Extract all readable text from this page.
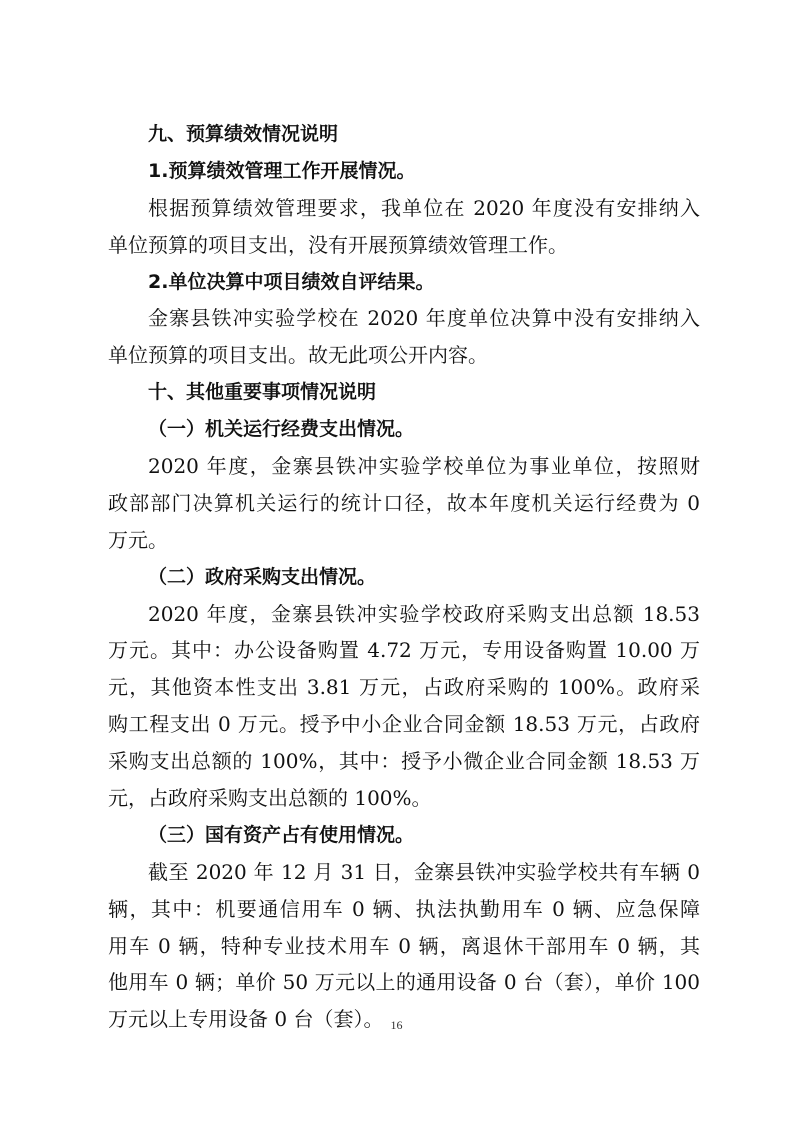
九、预算绩效情况说明
1.预算绩效管理工作开展情况。
根据预算绩效管理要求，我单位在 2020 年度没有安排纳入
单位预算的项目支出，没有开展预算绩效管理工作。
2.单位决算中项目绩效自评结果。
金寨县铁冲实验学校在 2020 年度单位决算中没有安排纳入
单位预算的项目支出。故无此项公开内容。
十、其他重要事项情况说明
（一）机关运行经费支出情况。
2020 年度，金寨县铁冲实验学校单位为事业单位，按照财
政部部门决算机关运行的统计口径，故本年度机关运行经费为 0
万元。
（二）政府采购支出情况。
2020 年度，金寨县铁冲实验学校政府采购支出总额 18.53
万元。其中：办公设备购置 4.72 万元，专用设备购置 10.00 万
元，其他资本性支出 3.81 万元，占政府采购的 100%。政府采
购工程支出 0 万元。授予中小企业合同金额 18.53 万元，占政府
采购支出总额的 100%，其中：授予小微企业合同金额 18.53 万
元，占政府采购支出总额的 100%。
（三）国有资产占有使用情况。
截至 2020 年 12 月 31 日，金寨县铁冲实验学校共有车辆 0
辆，其中：机要通信用车 0 辆、执法执勤用车 0 辆、应急保障
用车 0 辆，特种专业技术用车 0 辆，离退休干部用车 0 辆，其
他用车 0 辆；单价 50 万元以上的通用设备 0 台（套），单价 100
万元以上专用设备 0 台（套）。 16
